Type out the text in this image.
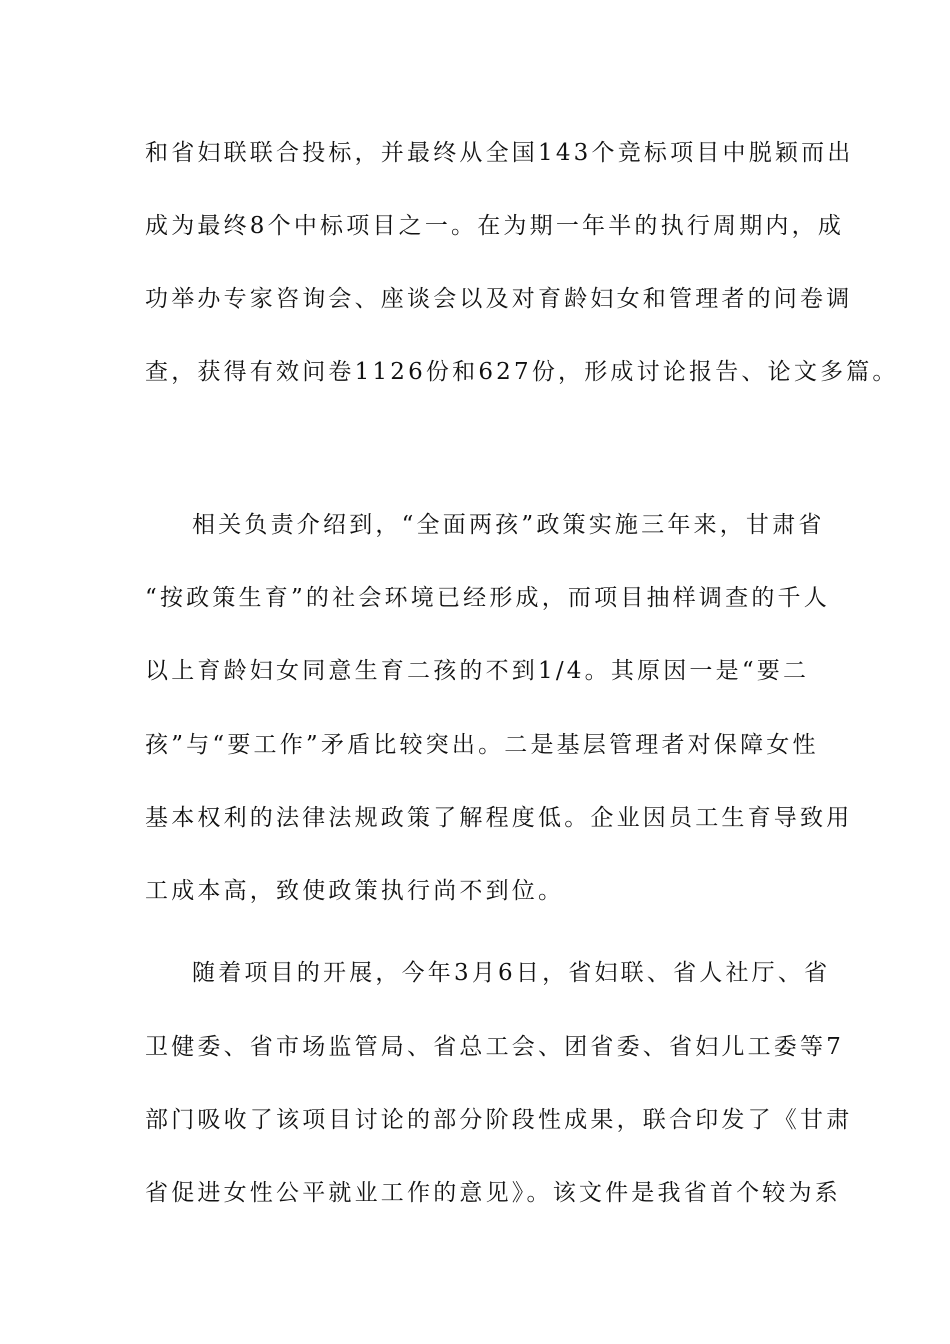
和省妇联联合投标，并最终从全国143个竞标项目中脱颖而出
成为最终8个中标项目之一。在为期一年半的执行周期内，成
功举办专家咨询会、座谈会以及对育龄妇女和管理者的问卷调
查，获得有效问卷1126份和627份，形成讨论报告、论文多篇。
相关负责介绍到，“全面两孩”政策实施三年来，甘肃省
“按政策生育”的社会环境已经形成，而项目抽样调查的千人
以上育龄妇女同意生育二孩的不到1/4。其原因一是“要二
孩”与“要工作”矛盾比较突出。二是基层管理者对保障女性
基本权利的法律法规政策了解程度低。企业因员工生育导致用
工成本高，致使政策执行尚不到位。
随着项目的开展，今年3月6日，省妇联、省人社厅、省
卫健委、省市场监管局、省总工会、团省委、省妇儿工委等7
部门吸收了该项目讨论的部分阶段性成果，联合印发了《甘肃
省促进女性公平就业工作的意见》。该文件是我省首个较为系
